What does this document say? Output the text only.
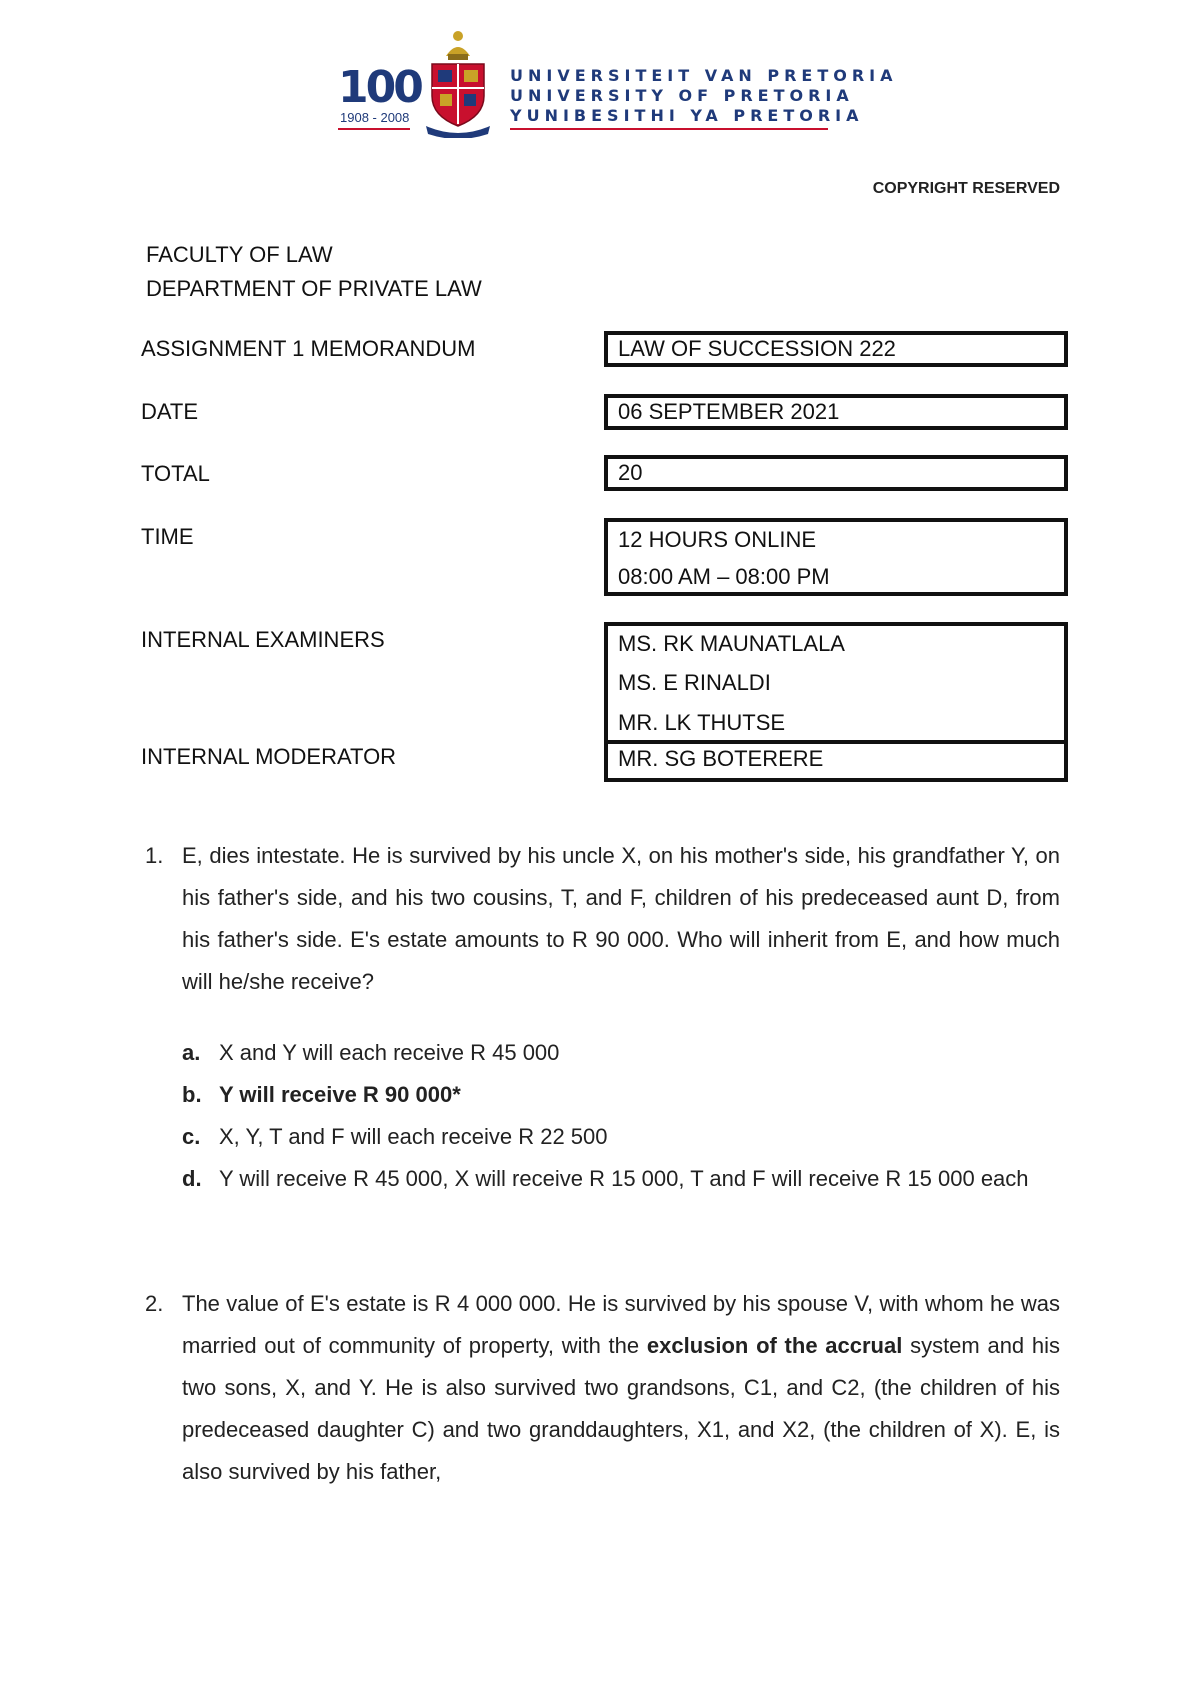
100
1908 - 2008
UNIVERSITEIT VAN PRETORIA
UNIVERSITY OF PRETORIA
YUNIBESITHI YA PRETORIA
COPYRIGHT RESERVED
FACULTY OF LAW
DEPARTMENT OF PRIVATE LAW
ASSIGNMENT 1 MEMORANDUM	LAW OF SUCCESSION 222
DATE	06 SEPTEMBER 2021
TOTAL	20
TIME	12 HOURS ONLINE
08:00 AM – 08:00 PM
INTERNAL EXAMINERS	MS. RK MAUNATLALA
MS. E RINALDI
MR. LK THUTSE
INTERNAL MODERATOR	MR. SG BOTERERE
1. E, dies intestate. He is survived by his uncle X, on his mother's side, his grandfather Y, on his father's side, and his two cousins, T, and F, children of his predeceased aunt D, from his father's side. E's estate amounts to R 90 000. Who will inherit from E, and how much will he/she receive?
a. X and Y will each receive R 45 000
b. Y will receive R 90 000*
c. X, Y, T and F will each receive R 22 500
d. Y will receive R 45 000, X will receive R 15 000, T and F will receive R 15 000 each
2. The value of E's estate is R 4 000 000. He is survived by his spouse V, with whom he was married out of community of property, with the exclusion of the accrual system and his two sons, X, and Y. He is also survived two grandsons, C1, and C2, (the children of his predeceased daughter C) and two granddaughters, X1, and X2, (the children of X). E, is also survived by his father,
